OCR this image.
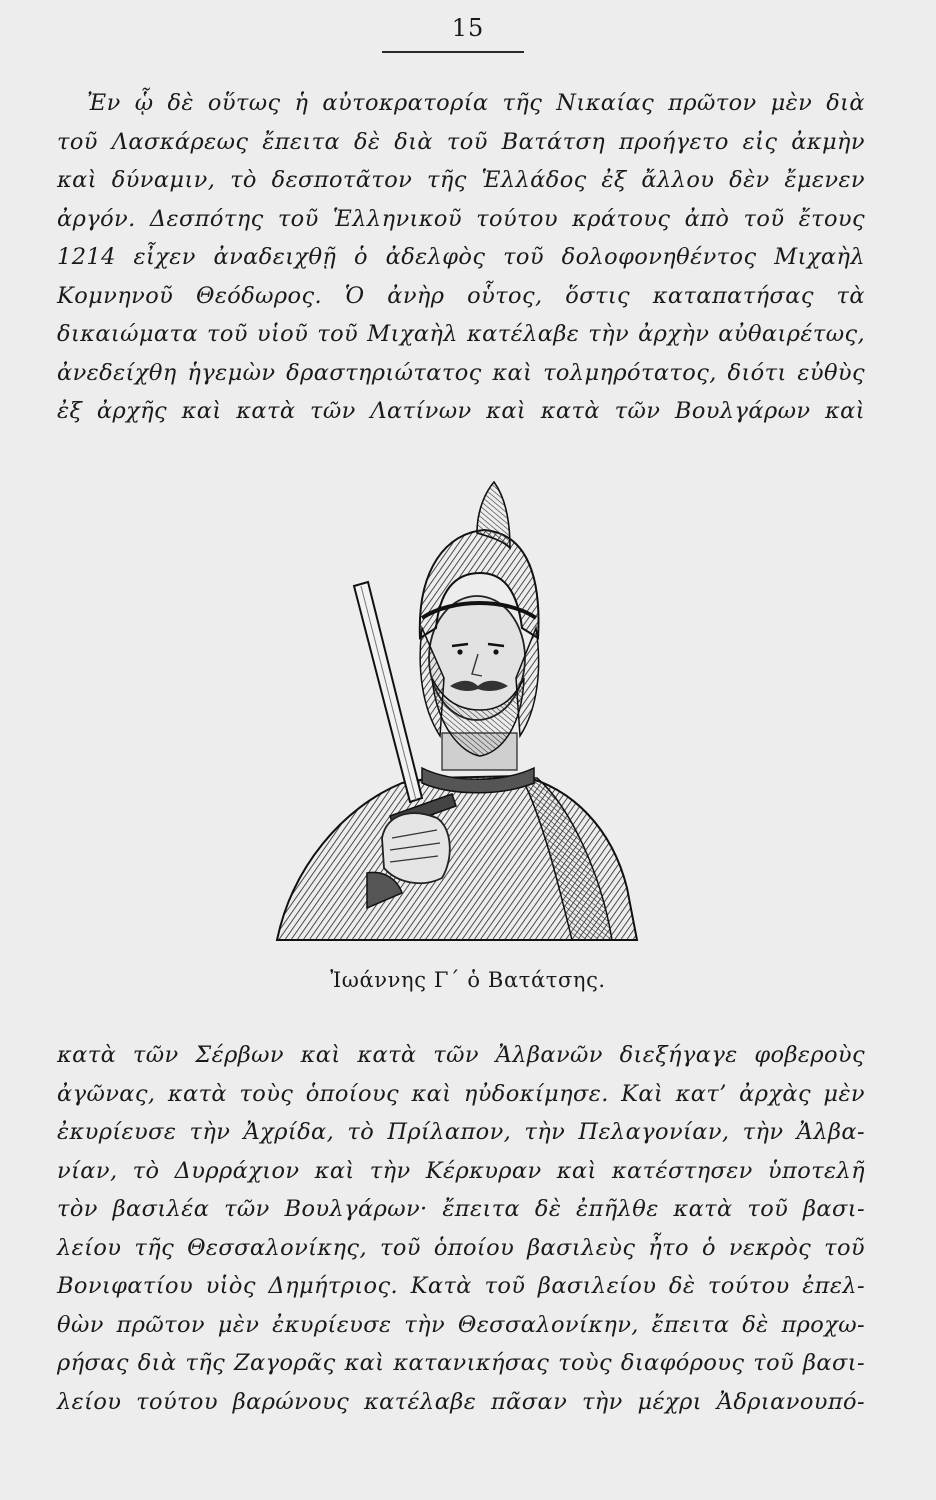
15
Ἐν ᾧ δὲ οὕτως ἡ αὐτοκρατορία τῆς Νικαίας πρῶτον μὲν διὰ
τοῦ Λασκάρεως ἔπειτα δὲ διὰ τοῦ Βατάτση προήγετο εἰς ἀκμὴν
καὶ δύναμιν, τὸ δεσποτᾶτον τῆς Ἑλλάδος ἐξ ἄλλου δὲν ἔμενεν
ἀργόν. Δεσπότης τοῦ Ἑλληνικοῦ τούτου κράτους ἀπὸ τοῦ ἔτους
1214 εἶχεν ἀναδειχθῇ ὁ ἀδελφὸς τοῦ δολοφονηθέντος Μιχαὴλ
Κομνηνοῦ Θεόδωρος. Ὁ ἀνὴρ οὗτος, ὅστις καταπατήσας τὰ
δικαιώματα τοῦ υἱοῦ τοῦ Μιχαὴλ κατέλαβε τὴν ἀρχὴν αὐθαιρέτως,
ἀνεδείχθη ἡγεμὼν δραστηριώτατος καὶ τολμηρότατος, διότι εὐθὺς
ἐξ ἀρχῆς καὶ κατὰ τῶν Λατίνων καὶ κατὰ τῶν Βουλγάρων καὶ
Ἰωάννης Γ΄ ὁ Βατάτσης.
κατὰ τῶν Σέρβων καὶ κατὰ τῶν Ἀλβανῶν διεξήγαγε φοβεροὺς
ἀγῶνας, κατὰ τοὺς ὁποίους καὶ ηὐδοκίμησε. Καὶ κατ’ ἀρχὰς μὲν
ἐκυρίευσε τὴν Ἀχρίδα, τὸ Πρίλαπον, τὴν Πελαγονίαν, τὴν Ἀλβα-
νίαν, τὸ Δυρράχιον καὶ τὴν Κέρκυραν καὶ κατέστησεν ὑποτελῆ
τὸν βασιλέα τῶν Βουλγάρων· ἔπειτα δὲ ἐπῆλθε κατὰ τοῦ βασι-
λείου τῆς Θεσσαλονίκης, τοῦ ὁποίου βασιλεὺς ἦτο ὁ νεκρὸς τοῦ
Βονιφατίου υἱὸς Δημήτριος. Κατὰ τοῦ βασιλείου δὲ τούτου ἐπελ-
θὼν πρῶτον μὲν ἐκυρίευσε τὴν Θεσσαλονίκην, ἔπειτα δὲ προχω-
ρήσας διὰ τῆς Ζαγορᾶς καὶ κατανικήσας τοὺς διαφόρους τοῦ βασι-
λείου τούτου βαρώνους κατέλαβε πᾶσαν τὴν μέχρι Ἀδριανουπό-
